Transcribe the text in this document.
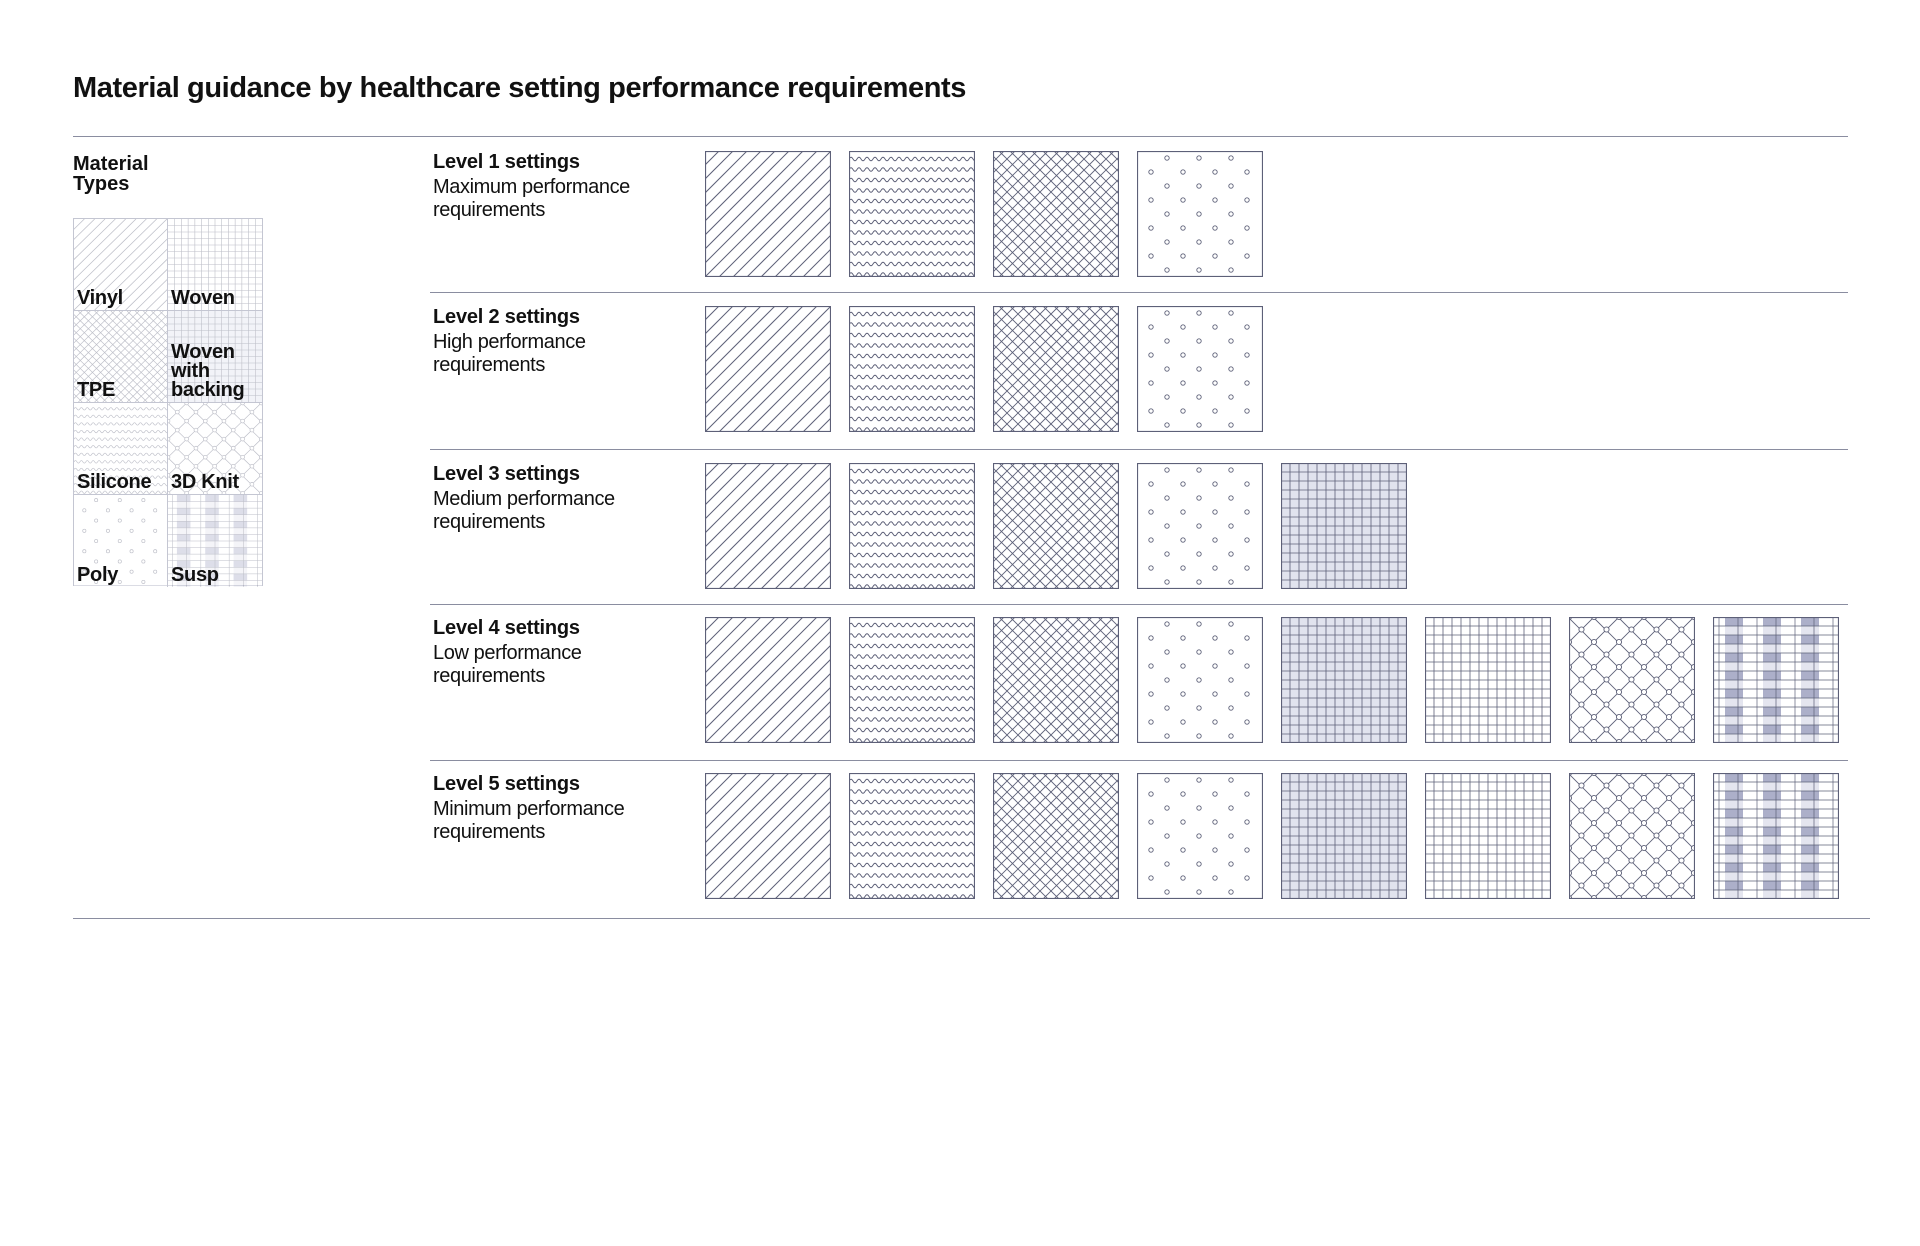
Material guidance by healthcare setting performance requirements
Material Types
Vinyl Woven
TPE
Woven with backing
Silicone 3D Knit
Poly	Susp
Level 1 settings
Maximum performance requirements
Level 2 settings
High performance requirements
Level 3 settings
Medium performance requirements
Level 4 settings
Low performance requirements
Level 5 settings
Minimum performance requirements
